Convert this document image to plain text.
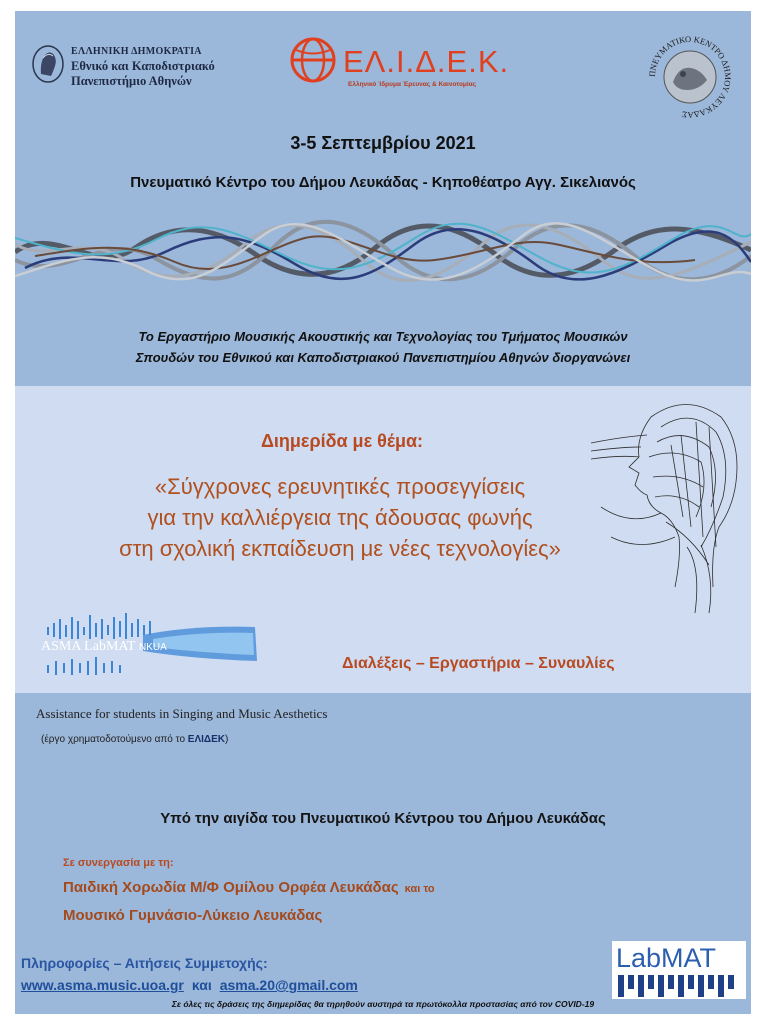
ΕΛΛΗΝΙΚΗ ΔΗΜΟΚΡΑΤΙΑ
Εθνικό και Καποδιστριακό
Πανεπιστήμιο Αθηνών
ΕΛ.Ι.Δ.Ε.Κ.
Ελληνικό Ίδρυμα Έρευνας & Καινοτομίας
ΠΝΕΥΜΑΤΙΚΟ ΚΕΝΤΡΟ ΔΗΜΟΥ ΛΕΥΚΑΔΑΣ
3-5 Σεπτεμβρίου 2021
Πνευματικό Κέντρο του Δήμου Λευκάδας - Κηποθέατρο Αγγ. Σικελιανός
Το Εργαστήριο Μουσικής Ακουστικής και Τεχνολογίας του Τμήματος Μουσικών
Σπουδών του Εθνικού και Καποδιστριακού Πανεπιστημίου Αθηνών διοργανώνει
Διημερίδα με θέμα:
«Σύγχρονες ερευνητικές προσεγγίσεις
για την καλλιέργεια της άδουσας φωνής
στη σχολική εκπαίδευση με νέες τεχνολογίες»
ASMA LabMAT NKUA
Διαλέξεις – Εργαστήρια – Συναυλίες
Assistance for students in Singing and Music Aesthetics
(έργο χρηματοδοτούμενο από το ΕΛΙΔΕΚ)
Υπό την αιγίδα του Πνευματικού Κέντρου του Δήμου Λευκάδας
Σε συνεργασία με τη:
Παιδική Χορωδία Μ/Φ Ομίλου Ορφέα Λευκάδας και το
Μουσικό Γυμνάσιο-Λύκειο Λευκάδας
Πληροφορίες – Αιτήσεις Συμμετοχής:
www.asma.music.uoa.gr και asma.20@gmail.com
Σε όλες τις δράσεις της διημερίδας θα τηρηθούν αυστηρά τα πρωτόκολλα προστασίας από τον COVID-19
LabMAT
